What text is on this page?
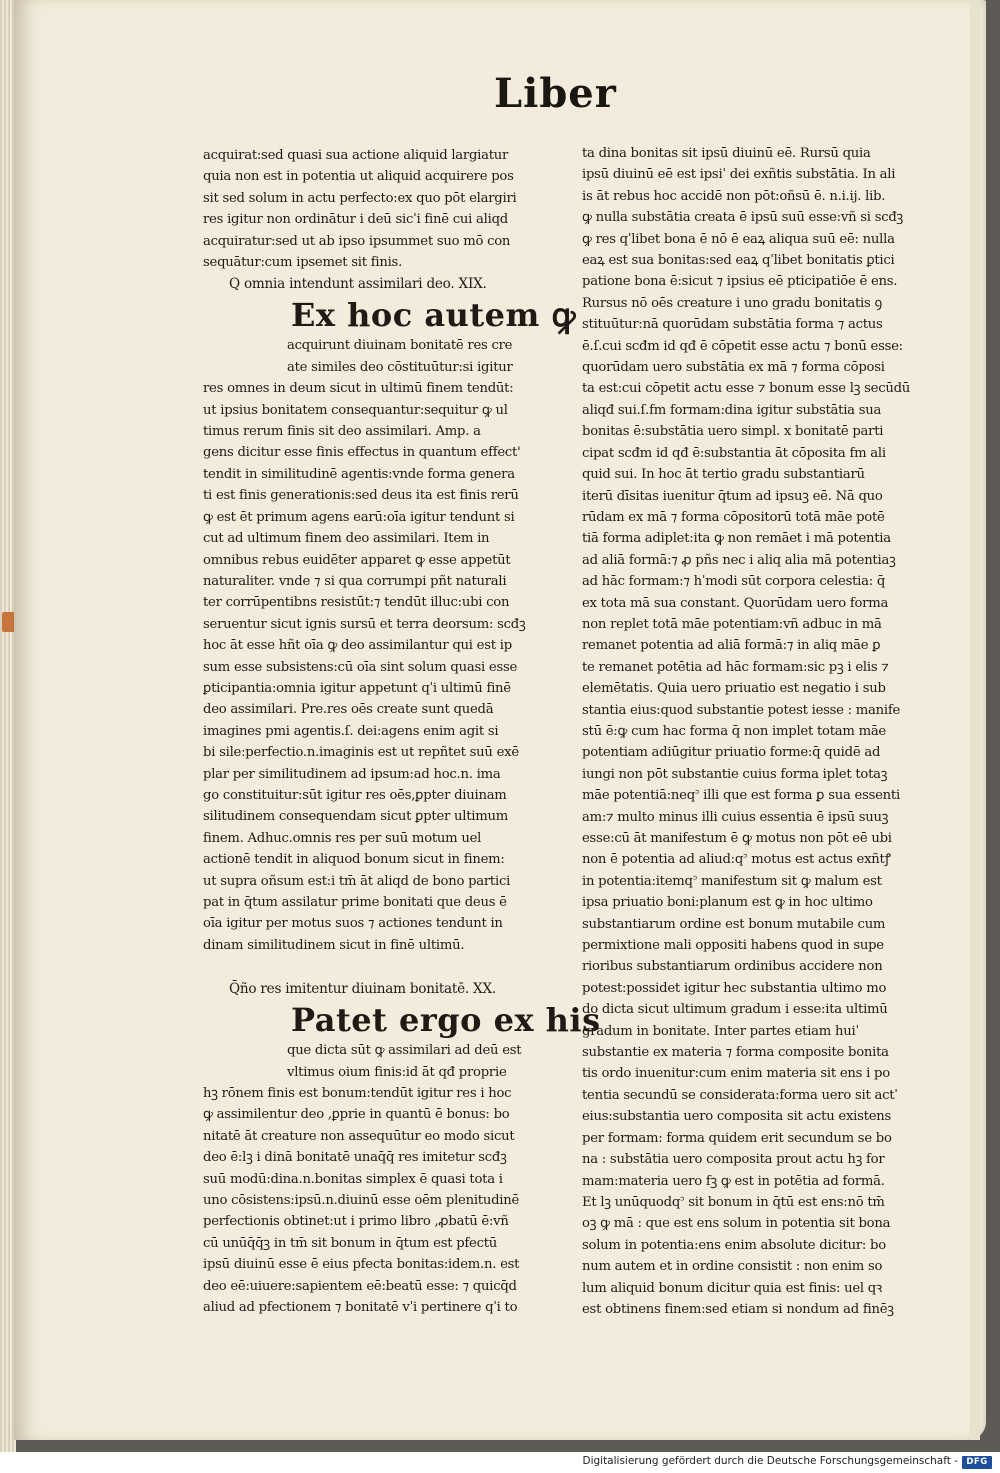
Liber
acquirat:sed quasi sua actione aliquid largiatur
quia non est in potentia ut aliquid acquirere pos
sit sed solum in actu perfecto:ex quo pōt elargiri
res igitur non ordinātur i deū sicˈi finē cui aliqd
acquiratur:sed ut ab ipso ipsummet suo mō con
sequātur:cum ipsemet sit finis.
Q omnia intendunt assimilari deo. XIX.
Ex hoc autem ꝙ
acquirunt diuinam bonitatē res cre
ate similes deo cōstituūtur:si igitur
res omnes in deum sicut in ultimū finem tendūt:
ut ipsius bonitatem consequantur:sequitur ꝙ ul
timus rerum finis sit deo assimilari. Amp. a
gens dicitur esse finis effectus in quantum effect'
tendit in similitudinē agentis:vnde forma genera
ti est finis generationis:sed deus ita est finis rerū
ꝙ est ēt primum agens earū:oīa igitur tendunt si
cut ad ultimum finem deo assimilari. Item in
omnibus rebus euidēter apparet ꝙ esse appetūt
naturaliter. vnde ⁊ si qua corrumpi pñt naturali
ter corrūpentibns resistūt:⁊ tendūt illuc:ubi con
seruentur sicut ignis sursū et terra deorsum: scđꝫ
hoc āt esse hñt oīa ꝙ deo assimilantur qui est ip
sum esse subsistens:cū oīa sint solum quasi esse
ꝑticipantia:omnia igitur appetunt qˈi ultimū finē
deo assimilari. Pre.res oēs create sunt quedā
imagines pmi agentis.ſ. dei:agens enim agit si
bi sile:perfectio.n.imaginis est ut repñtet suū exē
plar per similitudinem ad ipsum:ad hoc.n. ima
go constituitur:sūt igitur res oēs,ꝑpter diuinam
silitudinem consequendam sicut ꝑpter ultimum
finem. Adhuc.omnis res per suū motum uel
actionē tendit in aliquod bonum sicut in finem:
ut supra oñsum est:i tm̄ āt aliqd de bono partici
pat in q̄tum assilatur prime bonitati que deus ē
oīa igitur per motus suos ⁊ actiones tendunt in
dinam similitudinem sicut in finē ultimū.
Q̄ño res imitentur diuinam bonitatē. XX.
Patet ergo ex his
que dicta sūt ꝙ assimilari ad deū est
vltimus oium finis:id āt qđ proprie
hꝫ rōnem finis est bonum:tendūt igitur res i hoc
ꝙ assimilentur deo ,ꝑprie in quantū ē bonus: bo
nitatē āt creature non assequūtur eo modo sicut
deo ē:lꝫ i dinā bonitatē unaq̄q̄ res imitetur scđꝫ
suū modū:dina.n.bonitas simplex ē quasi tota i
uno cōsistens:ipsū.n.diuinū esse oēm plenitudinē
perfectionis obtinet:ut i primo libro ,ꝓbatū ē:vñ
cū unūq̄q̄ꝫ in tm̄ sit bonum in q̄tum est pfectū
ipsū diuinū esse ē eius pfecta bonitas:idem.n. est
deo eē:uiuere:sapientem eē:beatū esse: ⁊ quicq̄d
aliud ad pfectionem ⁊ bonitatē vˈi pertinere qˈi to
ta dina bonitas sit ipsū diuinū eē. Rursū quia
ipsū diuinū eē est ipsiˈ dei exñtis substātia. In ali
is āt rebus hoc accidē non pōt:oñsū ē. n.i.ij. lib.
ꝙ nulla substātia creata ē ipsū suū esse:vñ si scđꝫ
ꝙ res qˈlibet bona ē nō ē eaꝝ aliqua suū eē: nulla
eaꝝ est sua bonitas:sed eaꝝ qˈlibet bonitatis ꝑtici
patione bona ē:sicut ⁊ ipsius eē pticipatiōe ē ens.
Rursus nō oēs creature i uno gradu bonitatis ꝯ
stituūtur:nā quorūdam substātia forma ⁊ actus
ē.ſ.cui scđm id qđ ē cōpetit esse actu ⁊ bonū esse:
quorūdam uero substātia ex mā ⁊ forma cōposi
ta est:cui cōpetit actu esse ⁊ bonum esse lꝫ secūdū
aliqđ sui.ſ.fm formam:dina igitur substātia sua
bonitas ē:substātia uero simpl. x bonitatē parti
cipat scđm id qđ ē:substantia āt cōposita fm ali
quid sui. In hoc āt tertio gradu substantiarū
iterū dīsitas iuenitur q̄tum ad ipsuꝫ eē. Nā quo
rūdam ex mā ⁊ forma cōpositorū totā māe potē
tiā forma adiplet:ita ꝙ non remāet i mā potentia
ad aliā formā:⁊ ꝓ pñs nec i aliq alia mā potentiaꝫ
ad hāc formam:⁊ hˈmodi sūt corpora celestia: q̄
ex tota mā sua constant. Quorūdam uero forma
non replet totā māe potentiam:vñ adbuc in mā
remanet potentia ad aliā formā:⁊ in aliq māe ꝑ
te remanet potētia ad hāc formam:sic pꝫ i elis ⁊
elemētatis. Quia uero priuatio est negatio i sub
stantia eius:quod substantie potest iesse : manife
stū ē:ꝙ cum hac forma q̄ non implet totam māe
potentiam adiūgitur priuatio forme:q̄ quidē ad
iungi non pōt substantie cuius forma iplet totaꝫ
māe potentiā:neq꜄ illi que est forma ꝑ sua essenti
am:⁊ multo minus illi cuius essentia ē ipsū suuꝫ
esse:cū āt manifestum ē ꝙ motus non pōt eē ubi
non ē potentia ad aliud:q꜄ motus est actus exñtꝭ
in potentia:itemq꜄ manifestum sit ꝙ malum est
ipsa priuatio boni:planum est ꝙ in hoc ultimo
substantiarum ordine est bonum mutabile cum
permixtione mali oppositi habens quod in supe
rioribus substantiarum ordinibus accidere non
potest:possidet igitur hec substantia ultimo mo
do dicta sicut ultimum gradum i esse:ita ultimū
gradum in bonitate. Inter partes etiam huiˈ
substantie ex materia ⁊ forma composite bonita
tis ordo inuenitur:cum enim materia sit ens i po
tentia secundū se considerata:forma uero sit actˈ
eius:substantia uero composita sit actu existens
per formam: forma quidem erit secundum se bo
na : substātia uero composita prout actu hꝫ for
mam:materia uero fꝫ ꝙ est in potētia ad formā.
Et lꝫ unūquodq꜄ sit bonum in q̄tū est ens:nō tm̄
oꝫ ꝙ mā : que est ens solum in potentia sit bona
solum in potentia:ens enim absolute dicitur: bo
num autem et in ordine consistit : non enim so
lum aliquid bonum dicitur quia est finis: uel qꝛ
est obtinens finem:sed etiam si nondum ad finēꝫ
Digitalisierung gefördert durch die Deutsche Forschungsgemeinschaft - DFG
